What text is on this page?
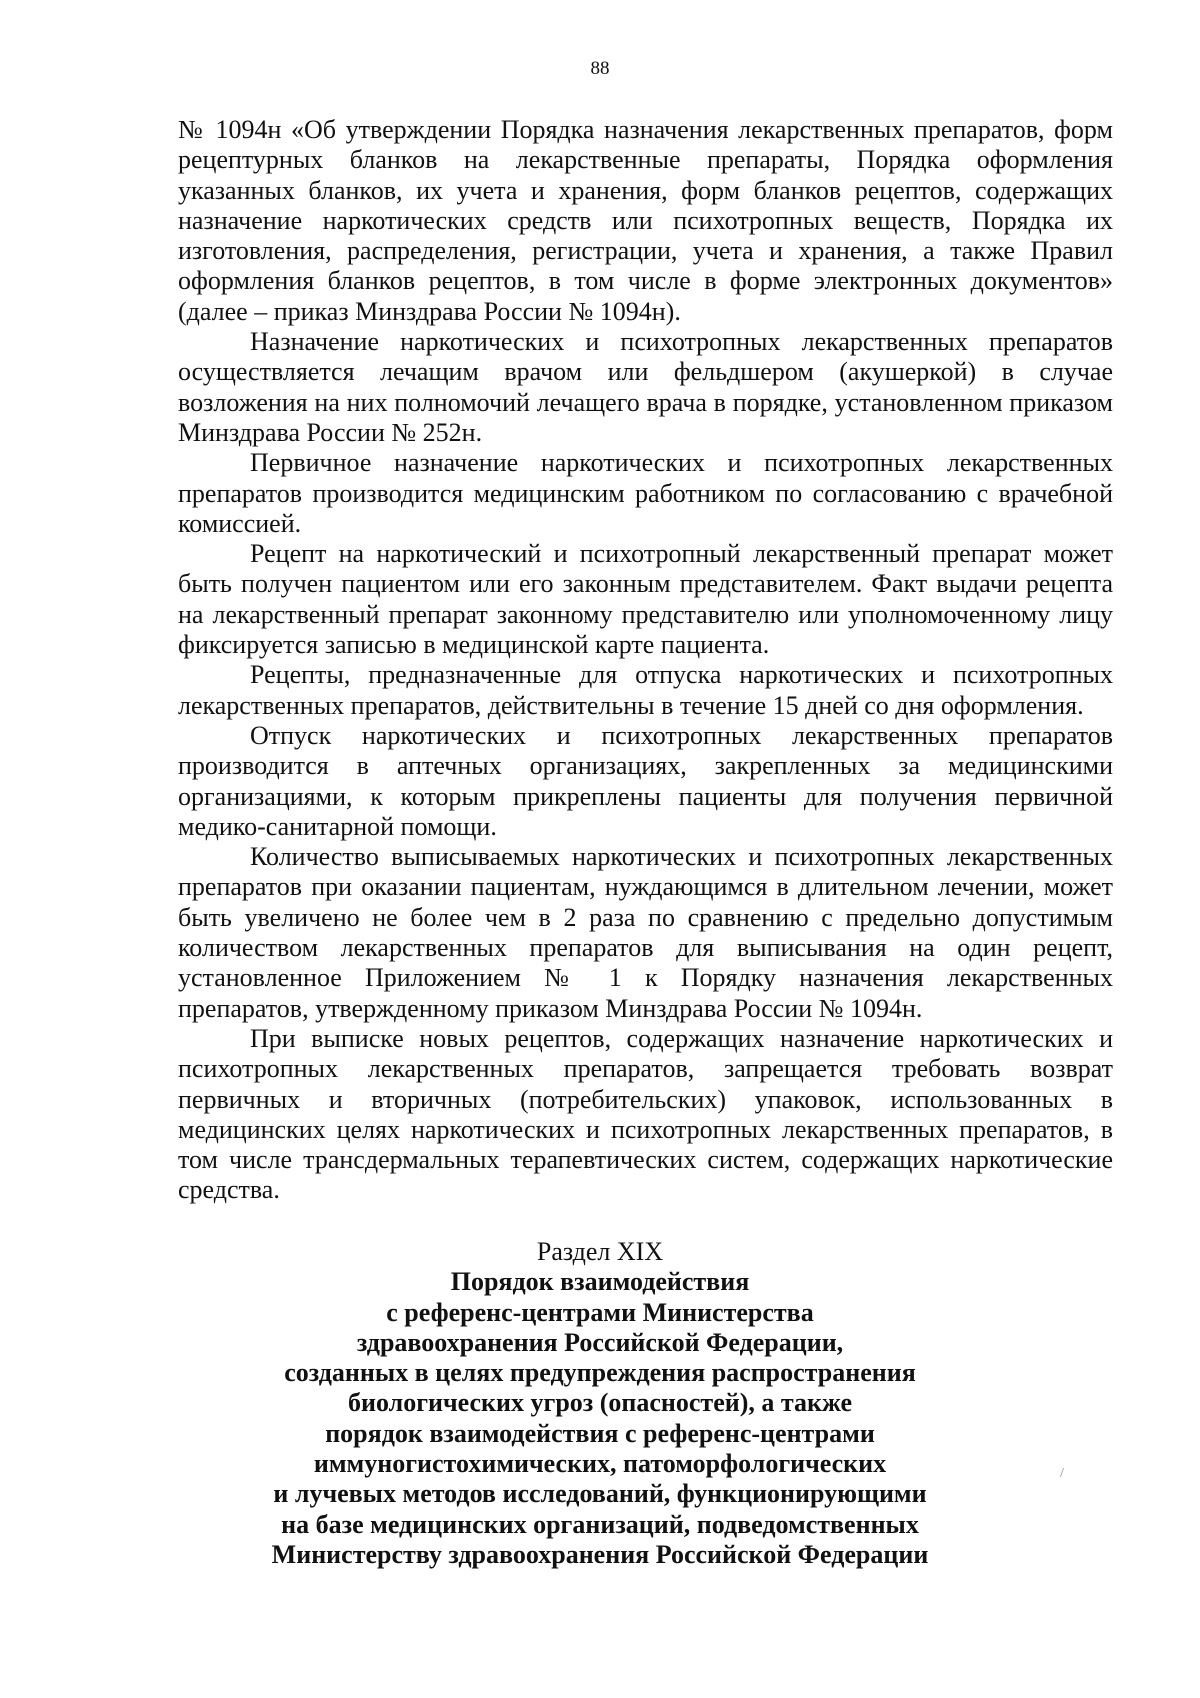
88

№ 1094н «Об утверждении Порядка назначения лекарственных препаратов, форм рецептурных бланков на лекарственные препараты, Порядка оформления указанных бланков, их учета и хранения, форм бланков рецептов, содержащих назначение наркотических средств или психотропных веществ, Порядка их изготовления, распределения, регистрации, учета и хранения, а также Правил оформления бланков рецептов, в том числе в форме электронных документов» (далее – приказ Минздрава России № 1094н).

Назначение наркотических и психотропных лекарственных препаратов осуществляется лечащим врачом или фельдшером (акушеркой) в случае возложения на них полномочий лечащего врача в порядке, установленном приказом Минздрава России № 252н.

Первичное назначение наркотических и психотропных лекарственных препаратов производится медицинским работником по согласованию с врачебной комиссией.

Рецепт на наркотический и психотропный лекарственный препарат может быть получен пациентом или его законным представителем. Факт выдачи рецепта на лекарственный препарат законному представителю или уполномоченному лицу фиксируется записью в медицинской карте пациента.

Рецепты, предназначенные для отпуска наркотических и психотропных лекарственных препаратов, действительны в течение 15 дней со дня оформления.

Отпуск наркотических и психотропных лекарственных препаратов производится в аптечных организациях, закрепленных за медицинскими организациями, к которым прикреплены пациенты для получения первичной медико-санитарной помощи.

Количество выписываемых наркотических и психотропных лекарственных препаратов при оказании пациентам, нуждающимся в длительном лечении, может быть увеличено не более чем в 2 раза по сравнению с предельно допустимым количеством лекарственных препаратов для выписывания на один рецепт, установленное Приложением № 1 к Порядку назначения лекарственных препаратов, утвержденному приказом Минздрава России № 1094н.

При выписке новых рецептов, содержащих назначение наркотических и психотропных лекарственных препаратов, запрещается требовать возврат первичных и вторичных (потребительских) упаковок, использованных в медицинских целях наркотических и психотропных лекарственных препаратов, в том числе трансдермальных терапевтических систем, содержащих наркотические средства.

Раздел XIX

Порядок взаимодействия
с референс-центрами Министерства
здравоохранения Российской Федерации,
созданных в целях предупреждения распространения
биологических угроз (опасностей), а также
порядок взаимодействия с референс-центрами
иммуногистохимических, патоморфологических
и лучевых методов исследований, функционирующими
на базе медицинских организаций, подведомственных
Министерству здравоохранения Российской Федерации

/
